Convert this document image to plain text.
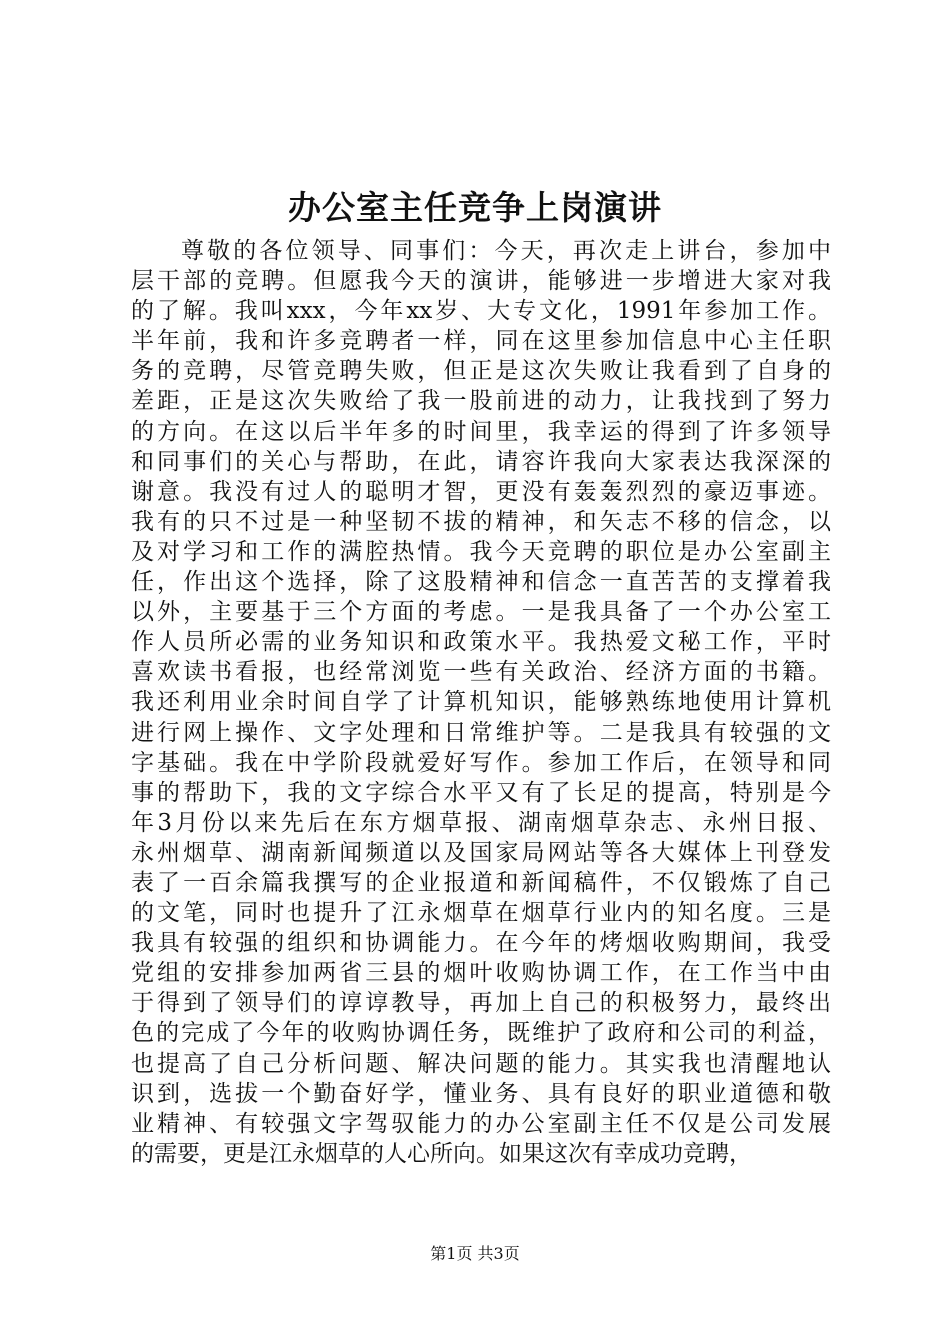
办公室主任竞争上岗演讲
尊敬的各位领导、同事们：今天，再次走上讲台，参加中
层干部的竞聘。但愿我今天的演讲，能够进一步增进大家对我
的了解。我叫xxx，今年xx岁、大专文化，1991年参加工作。
半年前，我和许多竞聘者一样，同在这里参加信息中心主任职
务的竞聘，尽管竞聘失败，但正是这次失败让我看到了自身的
差距，正是这次失败给了我一股前进的动力，让我找到了努力
的方向。在这以后半年多的时间里，我幸运的得到了许多领导
和同事们的关心与帮助，在此，请容许我向大家表达我深深的
谢意。我没有过人的聪明才智，更没有轰轰烈烈的豪迈事迹。
我有的只不过是一种坚韧不拔的精神，和矢志不移的信念，以
及对学习和工作的满腔热情。我今天竞聘的职位是办公室副主
任，作出这个选择，除了这股精神和信念一直苦苦的支撑着我
以外，主要基于三个方面的考虑。一是我具备了一个办公室工
作人员所必需的业务知识和政策水平。我热爱文秘工作，平时
喜欢读书看报，也经常浏览一些有关政治、经济方面的书籍。
我还利用业余时间自学了计算机知识，能够熟练地使用计算机
进行网上操作、文字处理和日常维护等。二是我具有较强的文
字基础。我在中学阶段就爱好写作。参加工作后，在领导和同
事的帮助下，我的文字综合水平又有了长足的提高，特别是今
年3月份以来先后在东方烟草报、湖南烟草杂志、永州日报、
永州烟草、湖南新闻频道以及国家局网站等各大媒体上刊登发
表了一百余篇我撰写的企业报道和新闻稿件，不仅锻炼了自己
的文笔，同时也提升了江永烟草在烟草行业内的知名度。三是
我具有较强的组织和协调能力。在今年的烤烟收购期间，我受
党组的安排参加两省三县的烟叶收购协调工作，在工作当中由
于得到了领导们的谆谆教导，再加上自己的积极努力，最终出
色的完成了今年的收购协调任务，既维护了政府和公司的利益，
也提高了自己分析问题、解决问题的能力。其实我也清醒地认
识到，选拔一个勤奋好学，懂业务、具有良好的职业道德和敬
业精神、有较强文字驾驭能力的办公室副主任不仅是公司发展
的需要，更是江永烟草的人心所向。如果这次有幸成功竞聘，
第1页 共3页
